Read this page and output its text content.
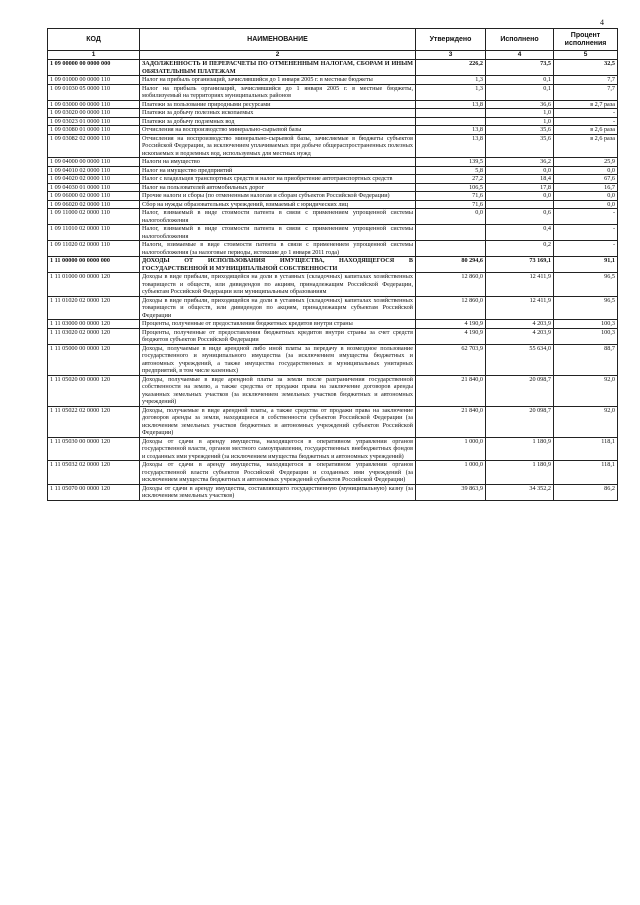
4
КОД	НАИМЕНОВАНИЕ	Утверждено	Исполнено	Процент исполнения
1	2	3	4	5
1 09 00000 00 0000 000	ЗАДОЛЖЕННОСТЬ И ПЕРЕРАСЧЕТЫ ПО ОТМЕНЕННЫМ НАЛОГАМ, СБОРАМ И ИНЫМ ОБЯЗАТЕЛЬНЫМ ПЛАТЕЖАМ	226,2	73,5	32,5
1 09 01000 00 0000 110	Налог на прибыль организаций, зачислявшийся до 1 января 2005 г. в местные бюджеты	1,3	0,1	7,7
1 09 01030 05 0000 110	Налог на прибыль организаций, зачислявшийся до 1 января 2005 г. в местные бюджеты, мобилизуемый на территориях муниципальных районов	1,3	0,1	7,7
1 09 03000 00 0000 110	Платежи за пользование природными ресурсами	13,8	36,6	в 2,7 раза
1 09 03020 00 0000 110	Платежи за добычу полезных ископаемых		1,0	-
1 09 03023 01 0000 110	Платежи за добычу подземных вод		1,0	-
1 09 03080 01 0000 110	Отчисления на воспроизводство минерально-сырьевой базы	13,8	35,6	в 2,6 раза
1 09 03082 02 0000 110	Отчисления на воспроизводство минерально-сырьевой базы, зачисляемые в бюджеты субъектов Российской Федерации, за исключением уплачиваемых при добыче общераспространенных полезных ископаемых и подземных вод, используемых для местных нужд	13,8	35,6	в 2,6 раза
1 09 04000 00 0000 110	Налоги на имущество	139,5	36,2	25,9
1 09 04010 02 0000 110	Налог на имущество предприятий	5,8	0,0	0,0
1 09 04020 02 0000 110	Налог с владельцев транспортных средств и налог на приобретение автотранспортных средств	27,2	18,4	67,6
1 09 04030 01 0000 110	Налог на пользователей автомобильных дорог	106,5	17,8	16,7
1 09 06000 02 0000 110	Прочие налоги и сборы (по отмененным налогам и сборам субъектов Российской Федерации)	71,6	0,0	0,0
1 09 06020 02 0000 110	Сбор на нужды образовательных учреждений, взимаемый с юридических лиц	71,6		0,0
1 09 11000 02 0000 110	Налог, взимаемый в виде стоимости патента в связи с применением упрощенной системы налогообложения	0,0	0,6	-
1 09 11010 02 0000 110	Налог, взимаемый в виде стоимости патента в связи с применением упрощенной системы налогообложения		0,4	-
1 09 11020 02 0000 110	Налоги, взимаемые в виде стоимости патента в связи с применением упрощенной системы налогообложения (за налоговые периоды, истекшие до 1 января 2011 года)		0,2	-
1 11 00000 00 0000 000	ДОХОДЫ ОТ ИСПОЛЬЗОВАНИЯ ИМУЩЕСТВА, НАХОДЯЩЕГОСЯ В ГОСУДАРСТВЕННОЙ И МУНИЦИПАЛЬНОЙ СОБСТВЕННОСТИ	80 294,6	73 169,1	91,1
1 11 01000 00 0000 120	Доходы в виде прибыли, приходящейся на доли в уставных (складочных) капиталах хозяйственных товариществ и обществ, или дивидендов по акциям, принадлежащим Российской Федерации, субъектам Российской Федерации или муниципальным образованиям	12 860,0	12 411,9	96,5
1 11 01020 02 0000 120	Доходы в виде прибыли, приходящейся на доли в уставных (складочных) капиталах хозяйственных товариществ и обществ, или дивидендов по акциям, принадлежащим субъектам Российской Федерации	12 860,0	12 411,9	96,5
1 11 03000 00 0000 120	Проценты, полученные от предоставления бюджетных кредитов внутри страны	4 190,9	4 203,9	100,3
1 11 03020 02 0000 120	Проценты, полученные от предоставления бюджетных кредитов внутри страны за счет средств бюджетов субъектов Российской Федерации	4 190,9	4 203,9	100,3
1 11 05000 00 0000 120	Доходы, получаемые в виде арендной либо иной платы за передачу в возмездное пользование государственного и муниципального имущества (за исключением имущества бюджетных и автономных учреждений, а также имущества государственных и муниципальных унитарных предприятий, в том числе казенных)	62 703,9	55 634,0	88,7
1 11 05020 00 0000 120	Доходы, получаемые в виде арендной платы за земли после разграничения государственной собственности на землю, а также средства от продажи права на заключение договоров аренды указанных земельных участков (за исключением земельных участков бюджетных и автономных учреждений)	21 840,0	20 098,7	92,0
1 11 05022 02 0000 120	Доходы, получаемые в виде арендной платы, а также средства от продажи права на заключение договоров аренды за земли, находящиеся в собственности субъектов Российской Федерации (за исключением земельных участков бюджетных и автономных учреждений субъектов Российской Федерации)	21 840,0	20 098,7	92,0
1 11 05030 00 0000 120	Доходы от сдачи в аренду имущества, находящегося в оперативном управлении органов государственной власти, органов местного самоуправления, государственных внебюджетных фондов и созданных ими учреждений (за исключением имущества бюджетных и автономных учреждений)	1 000,0	1 180,9	118,1
1 11 05032 02 0000 120	Доходы от сдачи в аренду имущества, находящегося в оперативном управлении органов государственной власти субъектов Российской Федерации и созданных ими учреждений (за исключением имущества бюджетных и автономных учреждений субъектов Российской Федерации)	1 000,0	1 180,9	118,1
1 11 05070 00 0000 120	Доходы от сдачи в аренду имущества, составляющего государственную (муниципальную) казну (за исключением земельных участков)	39 863,9	34 352,2	86,2
